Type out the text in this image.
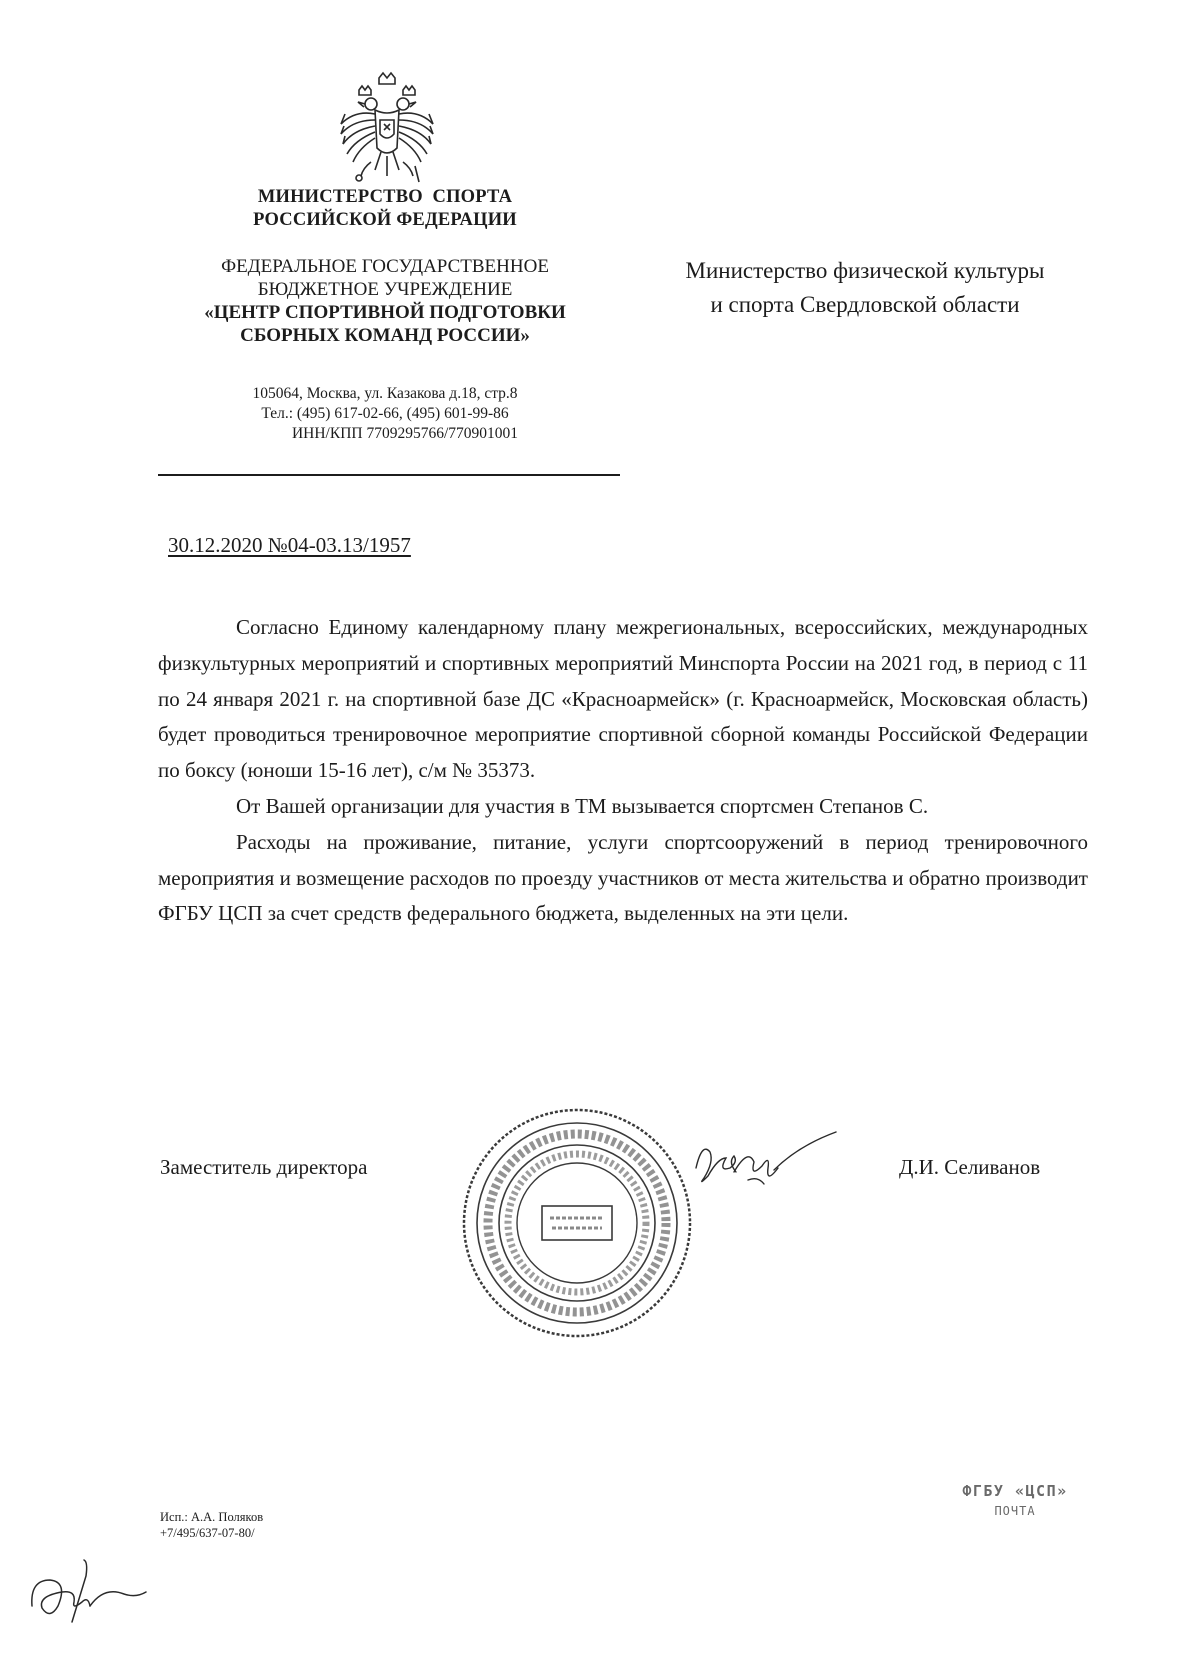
МИНИСТЕРСТВО  СПОРТА
РОССИЙСКОЙ ФЕДЕРАЦИИ
ФЕДЕРАЛЬНОЕ ГОСУДАРСТВЕННОЕ
БЮДЖЕТНОЕ УЧРЕЖДЕНИЕ
«ЦЕНТР СПОРТИВНОЙ ПОДГОТОВКИ
СБОРНЫХ КОМАНД РОССИИ»
105064, Москва, ул. Казакова д.18, стр.8
Тел.: (495) 617-02-66, (495) 601-99-86
ИНН/КПП 7709295766/770901001
Министерство физической культуры
и спорта Свердловской области
30.12.2020 №04-03.13/1957

Согласно Единому календарному плану межрегиональных, всероссийских, международных физкультурных мероприятий и спортивных мероприятий Минспорта России на 2021 год, в период с 11 по 24 января 2021 г. на спортивной базе ДС «Красноармейск» (г. Красноармейск, Московская область) будет проводиться тренировочное мероприятие спортивной сборной команды Российской Федерации по боксу (юноши 15-16 лет), с/м № 35373.

От Вашей организации для участия в ТМ вызывается спортсмен Степанов С.

Расходы на проживание, питание, услуги спортсооружений в период тренировочного мероприятия и возмещение расходов по проезду участников от места жительства и обратно производит ФГБУ ЦСП за счет средств федерального бюджета, выделенных на эти цели.

Заместитель директора	Д.И. Селиванов
Исп.: А.А. Поляков
+7/495/637-07-80/
ФГБУ «ЦСП»
ПОЧТА
